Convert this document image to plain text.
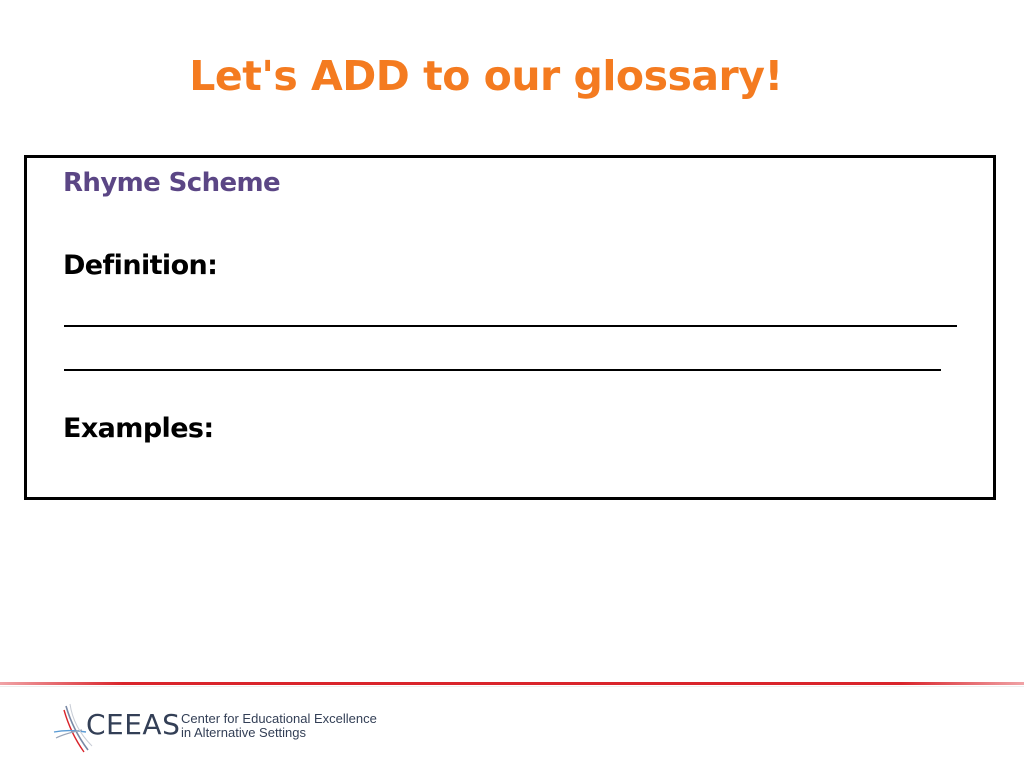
Let's ADD to our glossary!
Rhyme Scheme
Definition:
Examples:
CEEAS Center for Educational Excellence
in Alternative Settings
